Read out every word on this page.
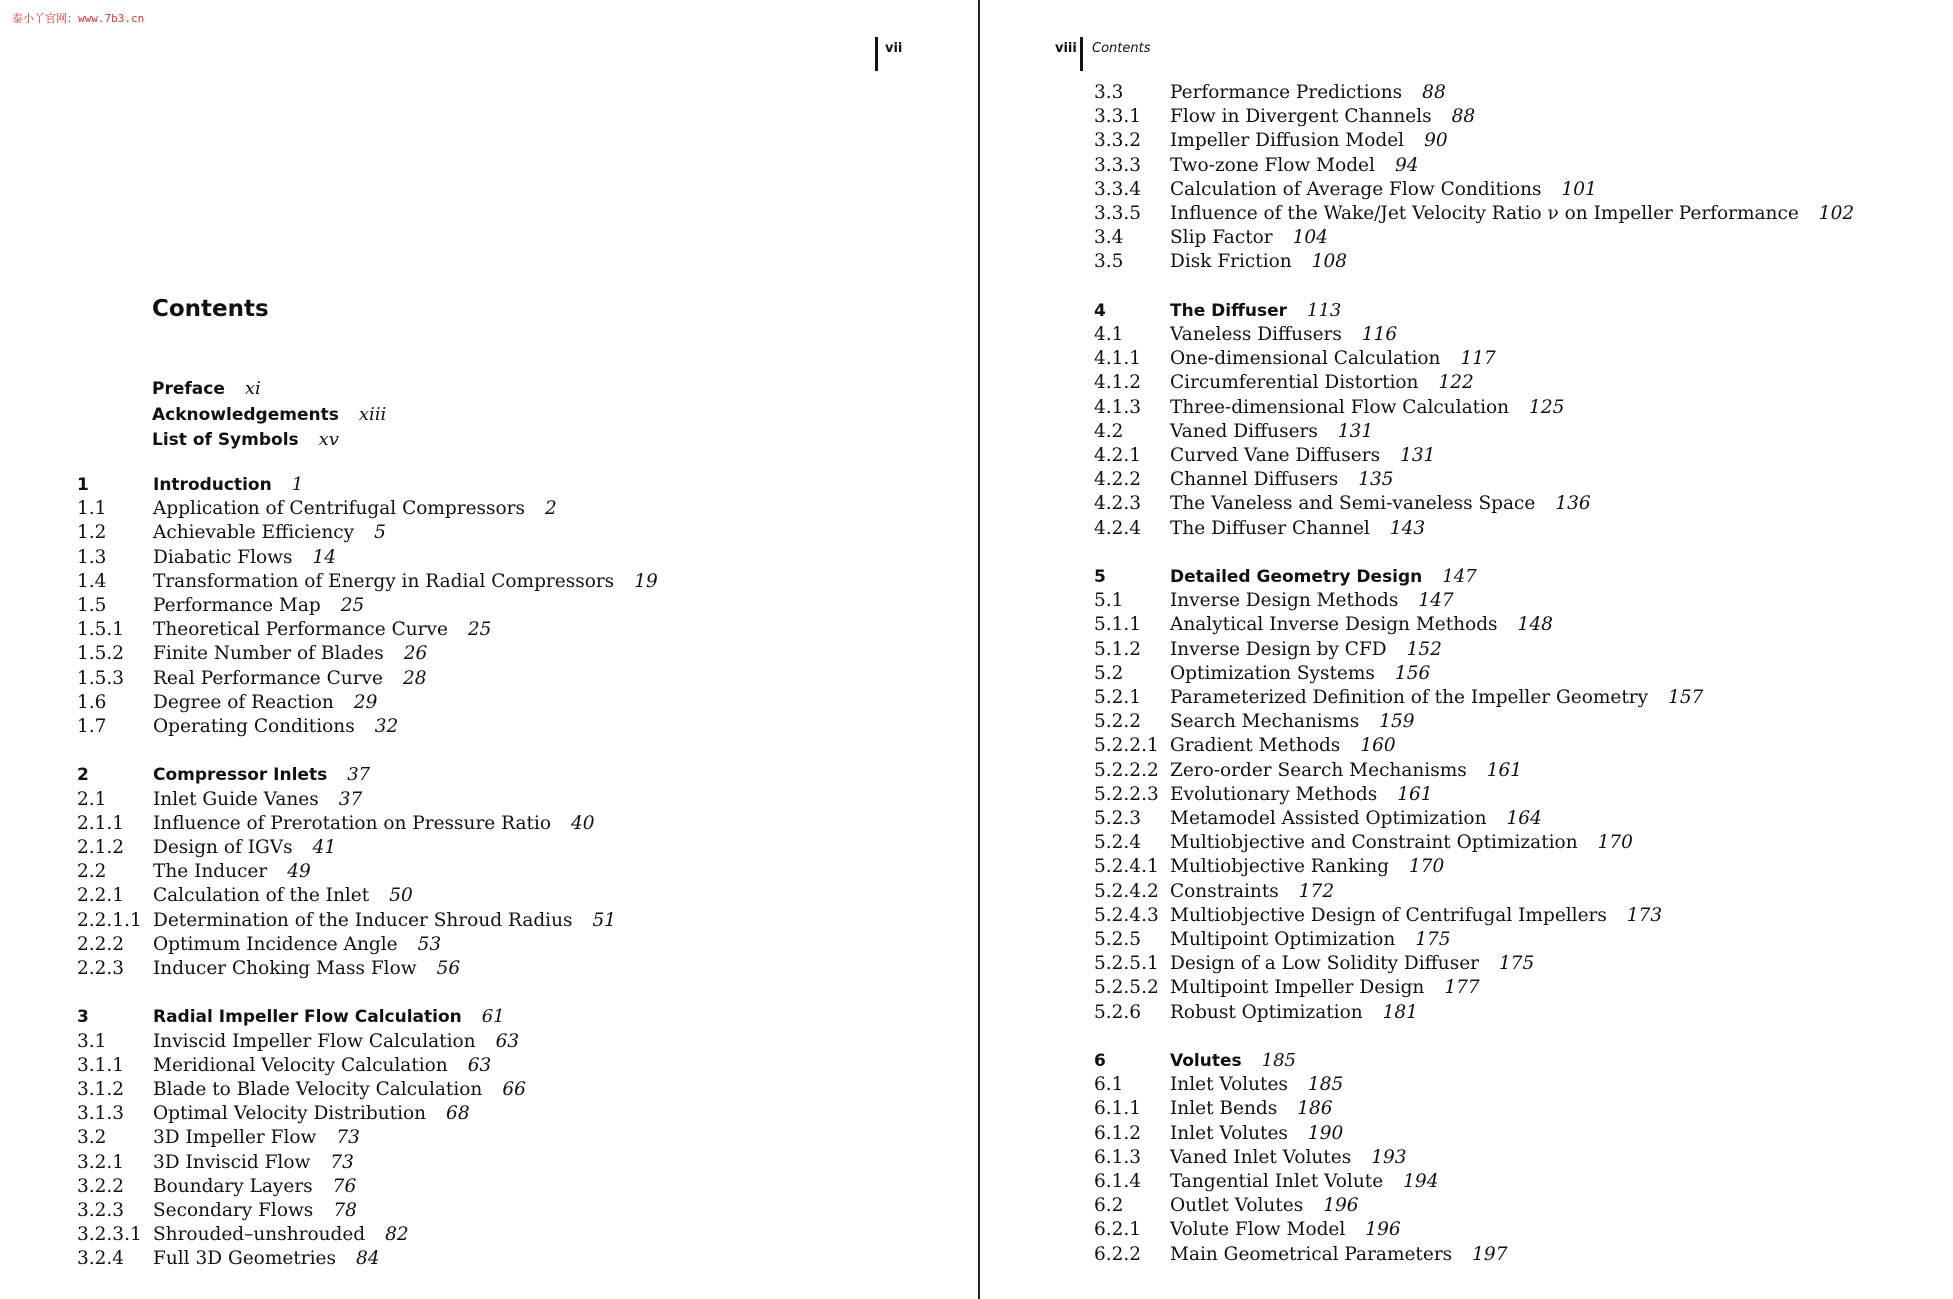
泰小丫官网：www.7b3.cn
vii
Contents
Preface xi
Acknowledgements xiii
List of Symbols xv
1	Introduction 1
1.1	Application of Centrifugal Compressors 2
1.2	Achievable Efficiency 5
1.3	Diabatic Flows 14
1.4	Transformation of Energy in Radial Compressors 19
1.5	Performance Map 25
1.5.1 Theoretical Performance Curve 25
1.5.2 Finite Number of Blades 26
1.5.3 Real Performance Curve 28
1.6	Degree of Reaction 29
1.7	Operating Conditions 32
2	Compressor Inlets 37
2.1	Inlet Guide Vanes 37
2.1.1 Influence of Prerotation on Pressure Ratio 40
2.1.2 Design of IGVs 41
2.2	The Inducer 49
2.2.1 Calculation of the Inlet 50
2.2.1.1 Determination of the Inducer Shroud Radius 51
2.2.2 Optimum Incidence Angle 53
2.2.3 Inducer Choking Mass Flow 56
3	Radial Impeller Flow Calculation 61
3.1	Inviscid Impeller Flow Calculation 63
3.1.1 Meridional Velocity Calculation 63
3.1.2 Blade to Blade Velocity Calculation 66
3.1.3 Optimal Velocity Distribution 68
3.2	3D Impeller Flow 73
3.2.1 3D Inviscid Flow 73
3.2.2 Boundary Layers 76
3.2.3 Secondary Flows 78
3.2.3.1 Shrouded–unshrouded 82
3.2.4 Full 3D Geometries 84
viii Contents
3.3	Performance Predictions 88
3.3.1 Flow in Divergent Channels 88
3.3.2 Impeller Diffusion Model 90
3.3.3 Two-zone Flow Model 94
3.3.4 Calculation of Average Flow Conditions 101
3.3.5 Influence of the Wake/Jet Velocity Ratio ν on Impeller Performance 102
3.4	Slip Factor 104
3.5	Disk Friction 108
4	The Diffuser 113
4.1	Vaneless Diffusers 116
4.1.1 One-dimensional Calculation 117
4.1.2 Circumferential Distortion 122
4.1.3 Three-dimensional Flow Calculation 125
4.2	Vaned Diffusers 131
4.2.1 Curved Vane Diffusers 131
4.2.2 Channel Diffusers 135
4.2.3 The Vaneless and Semi-vaneless Space 136
4.2.4 The Diffuser Channel 143
5	Detailed Geometry Design 147
5.1	Inverse Design Methods 147
5.1.1 Analytical Inverse Design Methods 148
5.1.2 Inverse Design by CFD 152
5.2	Optimization Systems 156
5.2.1 Parameterized Definition of the Impeller Geometry 157
5.2.2 Search Mechanisms 159
5.2.2.1 Gradient Methods 160
5.2.2.2 Zero-order Search Mechanisms 161
5.2.2.3 Evolutionary Methods 161
5.2.3 Metamodel Assisted Optimization 164
5.2.4 Multiobjective and Constraint Optimization 170
5.2.4.1 Multiobjective Ranking 170
5.2.4.2 Constraints 172
5.2.4.3 Multiobjective Design of Centrifugal Impellers 173
5.2.5 Multipoint Optimization 175
5.2.5.1 Design of a Low Solidity Diffuser 175
5.2.5.2 Multipoint Impeller Design 177
5.2.6 Robust Optimization 181
6	Volutes 185
6.1	Inlet Volutes 185
6.1.1 Inlet Bends 186
6.1.2 Inlet Volutes 190
6.1.3 Vaned Inlet Volutes 193
6.1.4 Tangential Inlet Volute 194
6.2	Outlet Volutes 196
6.2.1 Volute Flow Model 196
6.2.2 Main Geometrical Parameters 197
